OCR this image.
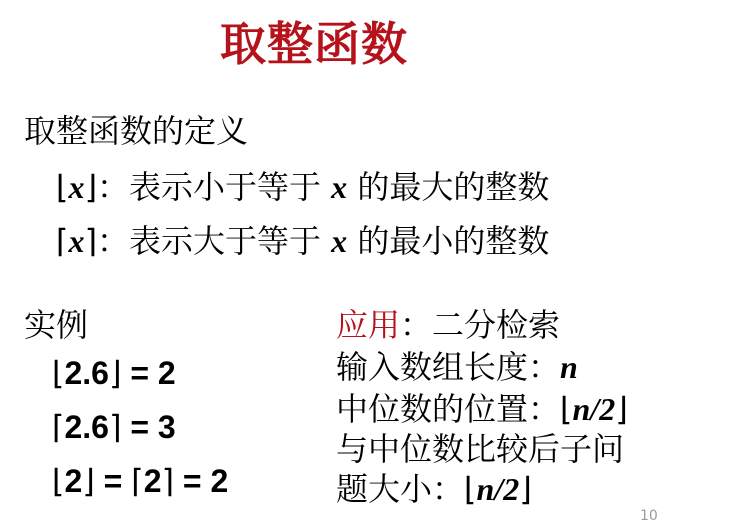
取整函数
取整函数的定义
⌊x⌋：表示小于等于 x 的最大的整数
⌈x⌉：表示大于等于 x 的最小的整数
实例
⌊2.6⌋ = 2
⌈2.6⌉ = 3
⌊2⌋ = ⌈2⌉ = 2
应用：二分检索
输入数组长度：n
中位数的位置：⌊n/2⌋
与中位数比较后子问
题大小：⌊n/2⌋
10
